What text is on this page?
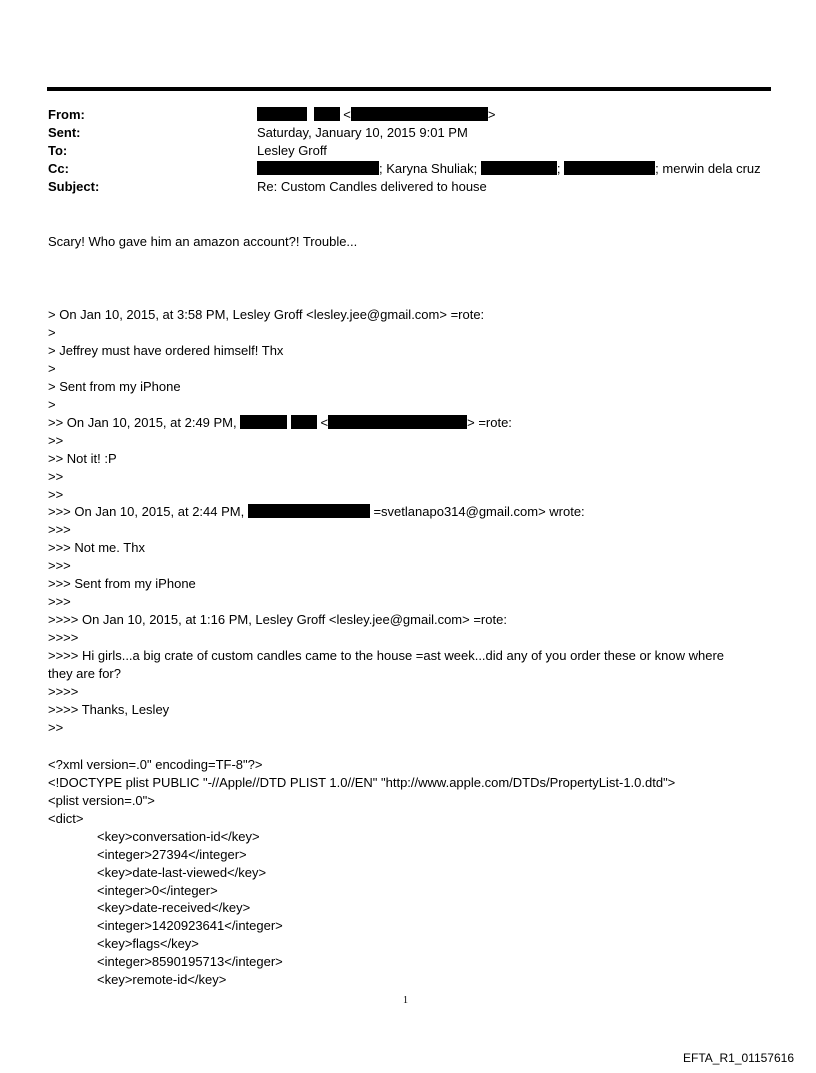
From:	<	>
Sent:	Saturday, January 10, 2015 9:01 PM
To:	Lesley Groff
Cc:	; Karyna Shuliak;	;	; merwin dela cruz
Subject:	Re: Custom Candles delivered to house
Scary! Who gave him an amazon account?! Trouble...
> On Jan 10, 2015, at 3:58 PM, Lesley Groff <lesley.jee@gmail.com> =rote:
>
> Jeffrey must have ordered himself! Thx
>
> Sent from my iPhone
>
>> On Jan 10, 2015, at 2:49 PM,	<	> =rote:
>>
>> Not it! :P
>>
>>
>>> On Jan 10, 2015, at 2:44 PM,	=svetlanapo314@gmail.com> wrote:
>>>
>>> Not me. Thx
>>>
>>> Sent from my iPhone
>>>
>>>> On Jan 10, 2015, at 1:16 PM, Lesley Groff <lesley.jee@gmail.com> =rote:
>>>>
>>>> Hi girls...a big crate of custom candles came to the house =ast week...did any of you order these or know where
they are for?
>>>>
>>>> Thanks, Lesley
>>
<?xml version=.0" encoding=TF-8"?>
<!DOCTYPE plist PUBLIC "-//Apple//DTD PLIST 1.0//EN" "http://www.apple.com/DTDs/PropertyList-1.0.dtd">
<plist version=.0">
<dict>
<key>conversation-id</key>
<integer>27394</integer>
<key>date-last-viewed</key>
<integer>0</integer>
<key>date-received</key>
<integer>1420923641</integer>
<key>flags</key>
<integer>8590195713</integer>
<key>remote-id</key>
1
EFTA_R1_01157616
